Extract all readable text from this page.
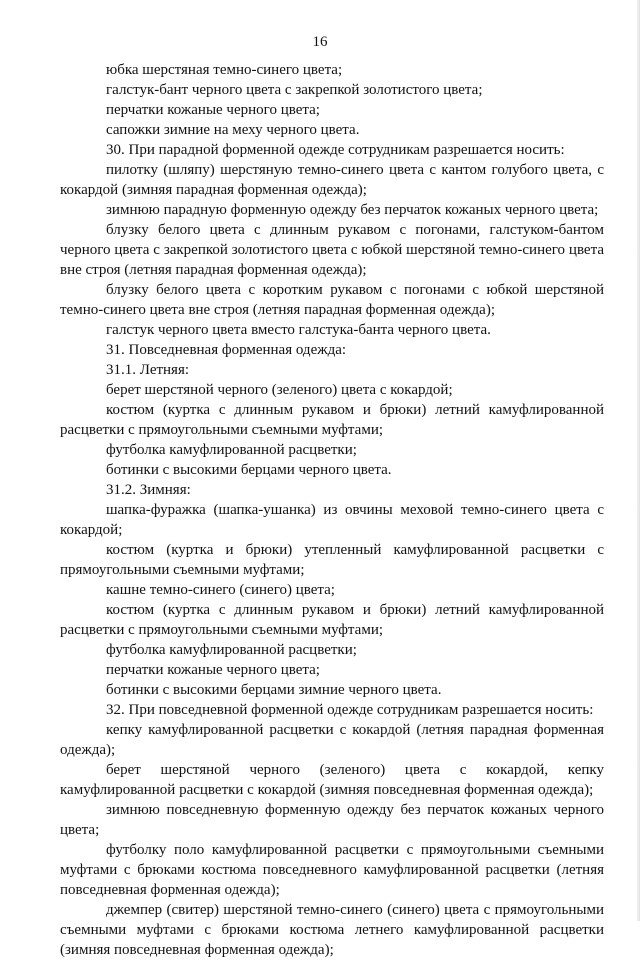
16

юбка шерстяная темно-синего цвета;

галстук-бант черного цвета с закрепкой золотистого цвета;

перчатки кожаные черного цвета;

сапожки зимние на меху черного цвета.

30. При парадной форменной одежде сотрудникам разрешается носить:

пилотку (шляпу) шерстяную темно-синего цвета с кантом голубого цвета, с кокардой (зимняя парадная форменная одежда);

зимнюю парадную форменную одежду без перчаток кожаных черного цвета;

блузку белого цвета с длинным рукавом с погонами, галстуком-бантом черного цвета с закрепкой золотистого цвета с юбкой шерстяной темно-синего цвета вне строя (летняя парадная форменная одежда);

блузку белого цвета с коротким рукавом с погонами с юбкой шерстяной темно-синего цвета вне строя (летняя парадная форменная одежда);

галстук черного цвета вместо галстука-банта черного цвета.

31. Повседневная форменная одежда:

31.1. Летняя:

берет шерстяной черного (зеленого) цвета с кокардой;

костюм (куртка с длинным рукавом и брюки) летний камуфлированной расцветки с прямоугольными съемными муфтами;

футболка камуфлированной расцветки;

ботинки с высокими берцами черного цвета.

31.2. Зимняя:

шапка-фуражка (шапка-ушанка) из овчины меховой темно-синего цвета с кокардой;

костюм (куртка и брюки) утепленный камуфлированной расцветки с прямоугольными съемными муфтами;

кашне темно-синего (синего) цвета;

костюм (куртка с длинным рукавом и брюки) летний камуфлированной расцветки с прямоугольными съемными муфтами;

футболка камуфлированной расцветки;

перчатки кожаные черного цвета;

ботинки с высокими берцами зимние черного цвета.

32. При повседневной форменной одежде сотрудникам разрешается носить:

кепку камуфлированной расцветки с кокардой (летняя парадная форменная одежда);

берет шерстяной черного (зеленого) цвета с кокардой, кепку камуфлированной расцветки с кокардой (зимняя повседневная форменная одежда);

зимнюю повседневную форменную одежду без перчаток кожаных черного цвета;

футболку поло камуфлированной расцветки с прямоугольными съемными муфтами с брюками костюма повседневного камуфлированной расцветки (летняя повседневная форменная одежда);

джемпер (свитер) шерстяной темно-синего (синего) цвета с прямоугольными съемными муфтами с брюками костюма летнего камуфлированной расцветки (зимняя повседневная форменная одежда);
